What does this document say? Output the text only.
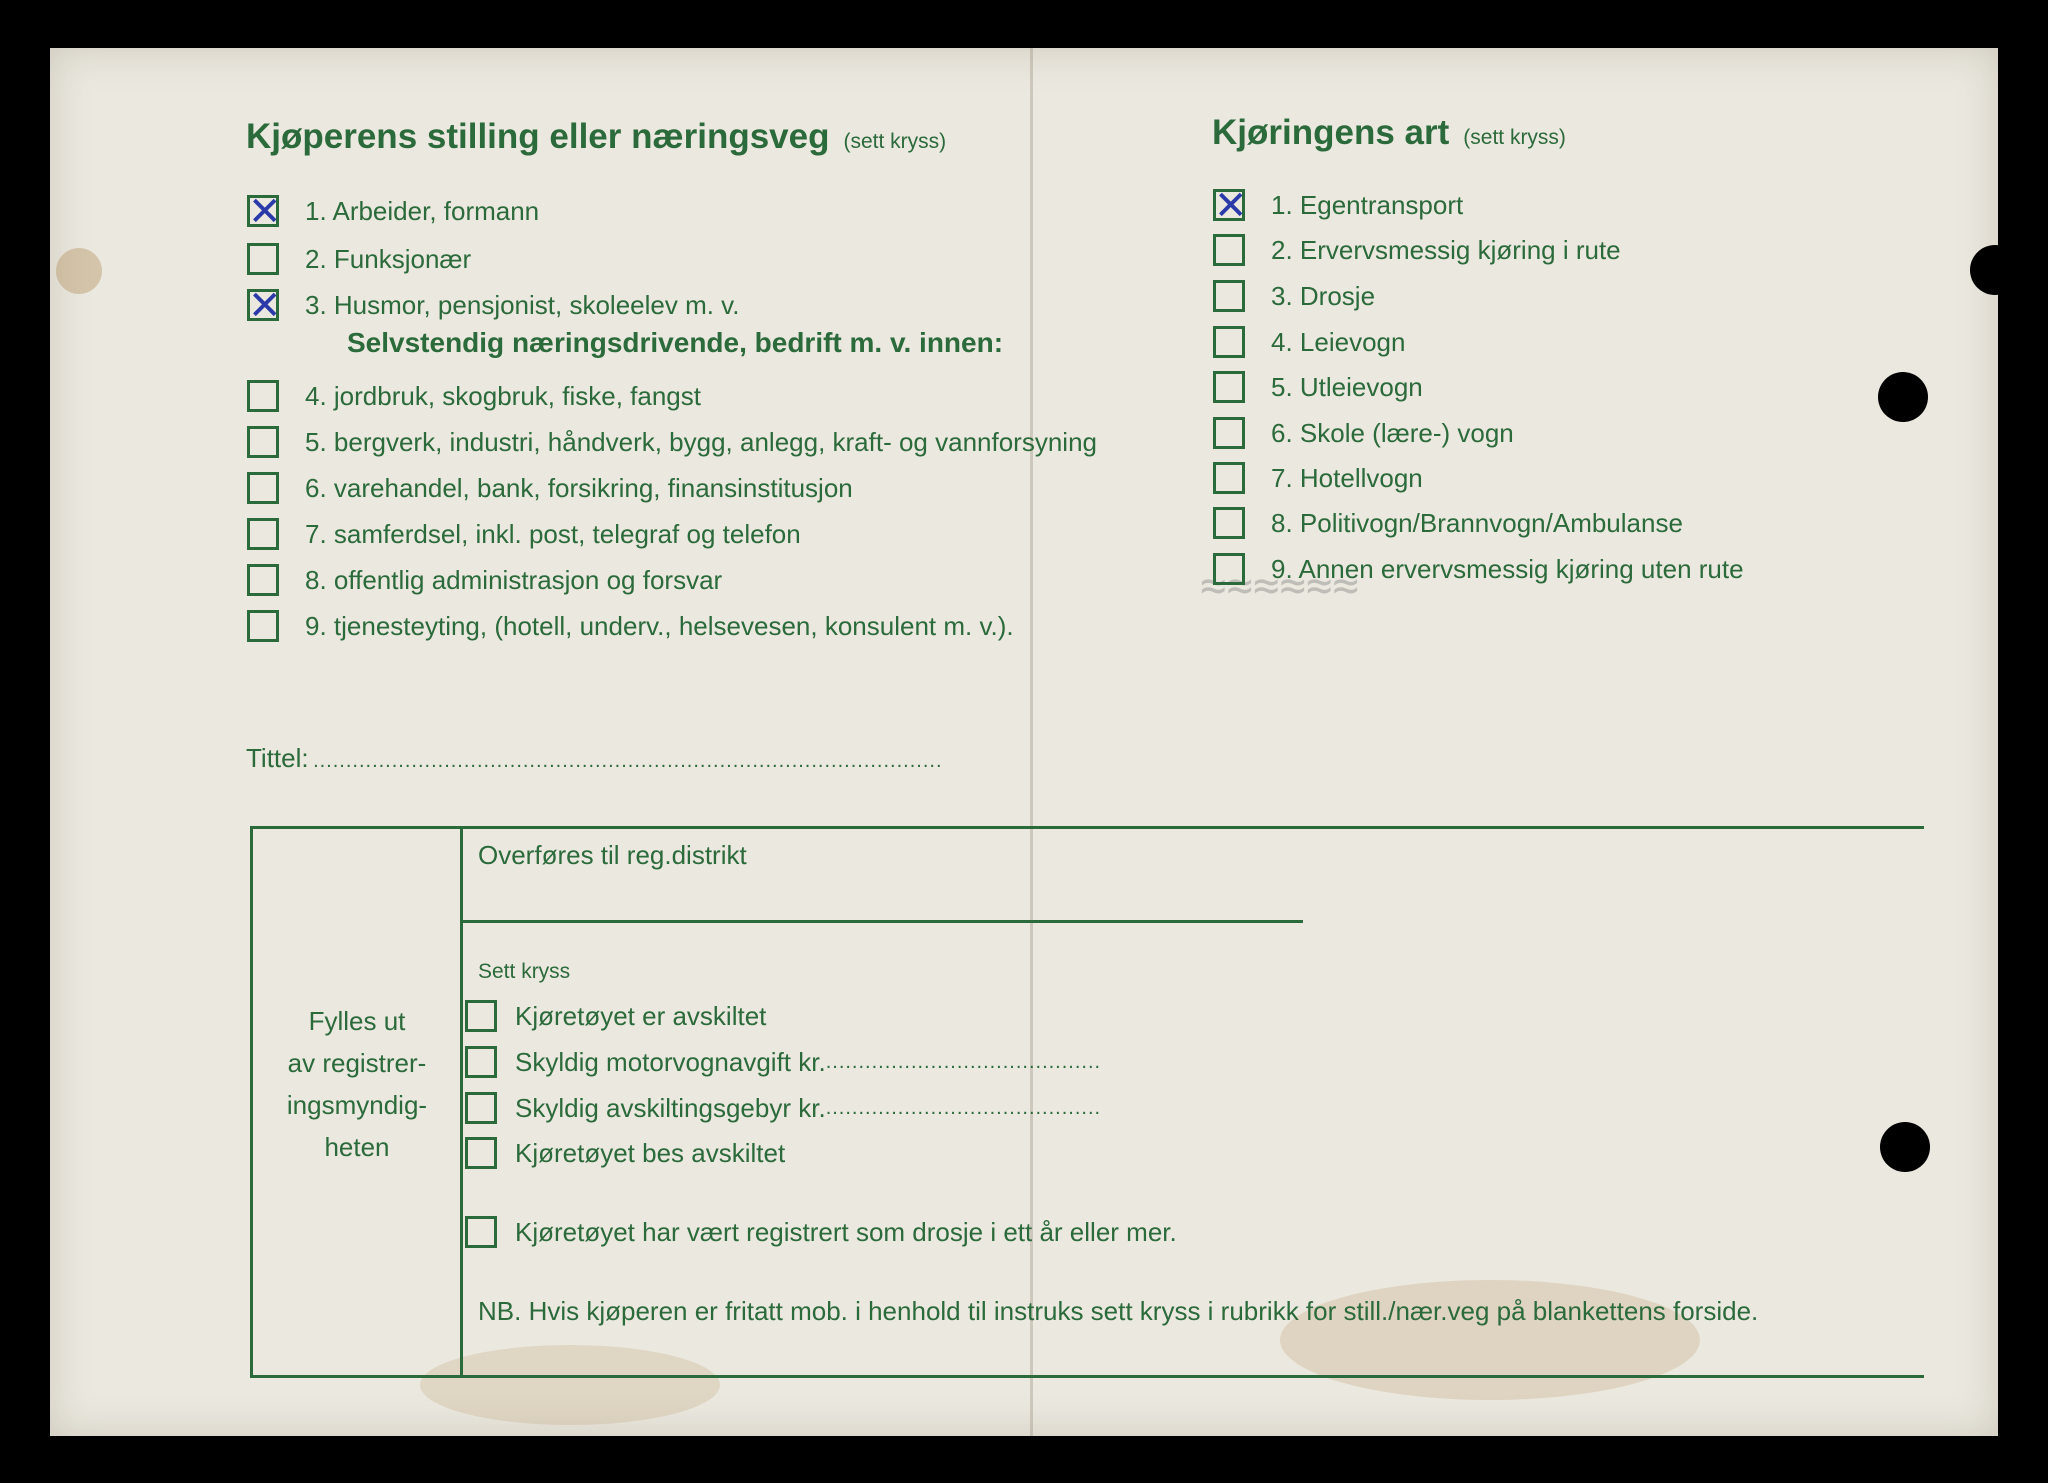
≈≈≈≈≈≈
Kjøperens stilling eller næringsveg (sett kryss)
✕ 1. Arbeider, formann
2. Funksjonær
✕ 3. Husmor, pensjonist, skoleelev m. v.
Selvstendig næringsdrivende, bedrift m. v. innen:
4. jordbruk, skogbruk, fiske, fangst
5. bergverk, industri, håndverk, bygg, anlegg, kraft- og vannforsyning
6. varehandel, bank, forsikring, finansinstitusjon
7. samferdsel, inkl. post, telegraf og telefon
8. offentlig administrasjon og forsvar
9. tjenesteyting, (hotell, underv., helsevesen, konsulent m. v.).
Kjøringens art (sett kryss)
✕ 1. Egentransport
2. Ervervsmessig kjøring i rute
3. Drosje
4. Leievogn
5. Utleievogn
6. Skole (lære-) vogn
7. Hotellvogn
8. Politivogn/Brannvogn/Ambulanse
9. Annen ervervsmessig kjøring uten rute
Tittel: ................................................................................................
Fylles ut
av registrer-
ingsmyndig-
heten
Overføres til reg.distrikt
Sett kryss
Kjøretøyet er avskiltet
Skyldig motorvognavgift kr. ..........................................
Skyldig avskiltingsgebyr kr. ..........................................
Kjøretøyet bes avskiltet
Kjøretøyet har vært registrert som drosje i ett år eller mer.
NB. Hvis kjøperen er fritatt mob. i henhold til instruks sett kryss i rubrikk for still./nær.veg på blankettens forside.
